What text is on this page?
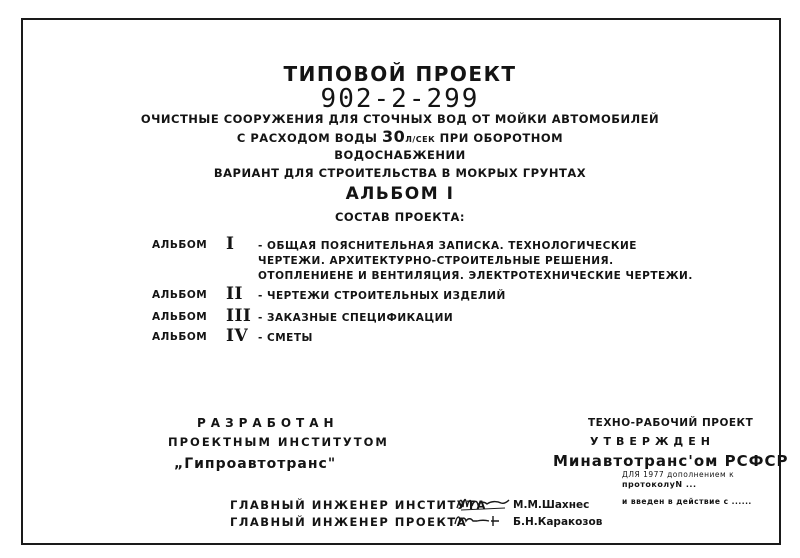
ТИПОВОЙ ПРОЕКТ
902-2-299
ОЧИСТНЫЕ СООРУЖЕНИЯ ДЛЯ СТОЧНЫХ ВОД ОТ МОЙКИ АВТОМОБИЛЕЙ
С РАСХОДОМ ВОДЫ 30Л/СЕК ПРИ ОБОРОТНОМ
ВОДОСНАБЖЕНИИ
ВАРИАНТ ДЛЯ СТРОИТЕЛЬСТВА В МОКРЫХ ГРУНТАХ
АЛЬБОМ I
СОСТАВ ПРОЕКТА:
АЛЬБОМ I - ОБЩАЯ ПОЯСНИТЕЛЬНАЯ ЗАПИСКА. ТЕХНОЛОГИЧЕСКИЕ
ЧЕРТЕЖИ. АРХИТЕКТУРНО-СТРОИТЕЛЬНЫЕ РЕШЕНИЯ.
ОТОПЛЕНИЕНЕ И ВЕНТИЛЯЦИЯ. ЭЛЕКТРОТЕХНИЧЕСКИЕ ЧЕРТЕЖИ.
АЛЬБОМ II - ЧЕРТЕЖИ СТРОИТЕЛЬНЫХ ИЗДЕЛИЙ
АЛЬБОМ III - ЗАКАЗНЫЕ СПЕЦИФИКАЦИИ
АЛЬБОМ IV - СМЕТЫ
РАЗРАБОТАН
ПРОЕКТНЫМ ИНСТИТУТОМ
„Гипроавтотранс"
ТЕХНО-РАБОЧИЙ ПРОЕКТ
УТВЕРЖДЕН
Минавтотранс'ом РСФСР
ДЛЯ 1977 дополнением к
протоколуN ...
и введен в действие с ......
ГЛАВНЫЙ ИНЖЕНЕР ИНСТИТУТА М.М.Шахнес
ГЛАВНЫЙ ИНЖЕНЕР ПРОЕКТА	Б.Н.Каракозов
